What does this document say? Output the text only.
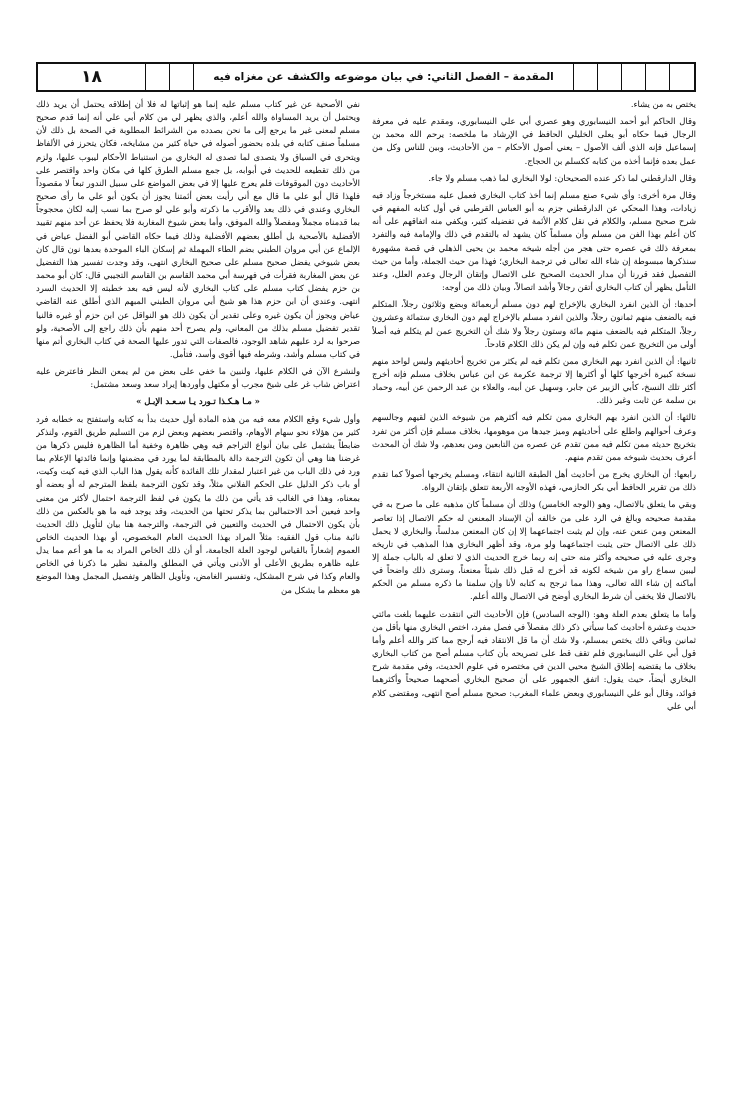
١٨	المقدمة – الفصل الثاني: في بيان موضوعه والكشف عن مغزاه فيه

يختص به من يشاء.

وقال الحاكم أبو أحمد النيسابوري وهو عصري أبي علي النيسابوري، ومقدم عليه في معرفة الرجال فيما حكاه أبو يعلى الخليلي الحافظ في الإرشاد ما ملخصه: يرحم الله محمد بن إسماعيل فإنه الذي ألف الأصول – يعني أصول الأحكام – من الأحاديث، وبين للناس وكل من عمل بعده فإنما أخذه من كتابه ككسلم بن الحجاج.

وقال الدارقطني لما ذكر عنده الصحيحان: لولا البخاري لما ذهب مسلم ولا جاء.

وقال مرة أخرى: وأي شيء صنع مسلم إنما أخذ كتاب البخاري فعمل عليه مستخرجاً وزاد فيه زيادات، وهذا المحكي عن الدارقطني جزم به أبو العباس القرطبي في أول كتابه المفهم في شرح صحيح مسلم، والكلام في نقل كلام الأئمة في تفضيله كثير، ويكفي منه اتفاقهم على أنه كان أعلم بهذا الفن من مسلم وأن مسلماً كان يشهد له بالتقدم في ذلك والإمامة فيه والتفرد بمعرفة ذلك في عصره حتى هجر من أجله شيخه محمد بن يحيى الذهلي في قصة مشهورة سنذكرها مبسوطة إن شاء الله تعالى في ترجمة البخاري؛ فهذا من حيث الجملة، وأما من حيث التفصيل فقد قررنا أن مدار الحديث الصحيح على الاتصال وإتقان الرجال وعدم العلل، وعند التأمل يظهر أن كتاب البخاري أتقن رجالاً وأشد اتصالاً، وبيان ذلك من أوجه:

أحدها: أن الذين انفرد البخاري بالإخراج لهم دون مسلم أربعمائة وبضع وثلاثون رجلاً، المتكلم فيه بالضعف منهم ثمانون رجلاً، والذين انفرد مسلم بالإخراج لهم دون البخاري ستمائة وعشرون رجلاً، المتكلم فيه بالضعف منهم مائة وستون رجلاً ولا شك أن التخريج عمن لم يتكلم فيه أصلاً أولى من التخريج عمن تكلم فيه وإن لم يكن ذلك الكلام قادحاً.

ثانيها: أن الذين انفرد بهم البخاري ممن تكلم فيه لم يكثر من تخريج أحاديثهم وليس لواحد منهم نسخة كبيرة أخرجها كلها أو أكثرها إلا ترجمة عكرمة عن ابن عباس بخلاف مسلم فإنه أخرج أكثر تلك النسخ، كأبي الزبير عن جابر، وسهيل عن أبيه، والعلاء بن عبد الرحمن عن أبيه، وحماد بن سلمة عن ثابت وغير ذلك.

ثالثها: أن الذين انفرد بهم البخاري ممن تكلم فيه أكثرهم من شيوخه الذين لقيهم وجالسهم وعرف أحوالهم واطلع على أحاديثهم وميز جيدها من موهومها، بخلاف مسلم فإن أكثر من تفرد بتخريج حديثه ممن تكلم فيه ممن تقدم عن عصره من التابعين ومن بعدهم، ولا شك أن المحدث أعرف بحديث شيوخه ممن تقدم منهم.

رابعها: أن البخاري يخرج من أحاديث أهل الطبقة الثانية انتقاء، ومسلم يخرجها أصولاً كما تقدم ذلك من تقرير الحافظ أبي بكر الحازمي، فهذه الأوجه الأربعة تتعلق بإتقان الرواة.

وبقي ما يتعلق بالاتصال، وهو (الوجه الخامس) وذلك أن مسلماً كان مذهبه على ما صرح به في مقدمة صحيحه وبالغ في الرد على من خالفه أن الإسناد المعنعن له حكم الاتصال إذا تعاصر المعنعن ومن عنعن عنه، وإن لم يثبت اجتماعهما إلا إن كان المعنعن مدلساً، والبخاري لا يحمل ذلك على الاتصال حتى يثبت اجتماعهما ولو مرة، وقد أظهر البخاري هذا المذهب في تاريخه وجرى عليه في صحيحه وأكثر منه حتى إنه ربما خرج الحديث الذي لا تعلق له بالباب جملة إلا ليبين سماع راو من شيخه لكونه قد أخرج له قبل ذلك شيئاً معنعناً، وسترى ذلك واضحاً في أماكنه إن شاء الله تعالى، وهذا مما ترجح به كتابه لأنا وإن سلمنا ما ذكره مسلم من الحكم بالاتصال فلا يخفى أن شرط البخاري أوضح في الاتصال والله أعلم.

وأما ما يتعلق بعدم العلة وهو: (الوجه السادس) فإن الأحاديث التي انتقدت عليهما بلغت مائتي حديث وعشرة أحاديث كما سيأتي ذكر ذلك مفصلاً في فصل مفرد، اختص البخاري منها بأقل من ثمانين وباقي ذلك يختص بمسلم، ولا شك أن ما قل الانتقاد فيه أرجح مما كثر والله أعلم وأما قول أبي علي النيسابوري فلم تقف قط على تصريحه بأن كتاب مسلم أصح من كتاب البخاري بخلاف ما يقتضيه إطلاق الشيخ محيي الدين في مختصره في علوم الحديث، وفي مقدمة شرح البخاري أيضاً، حيث يقول: اتفق الجمهور على أن صحيح البخاري أصحهما صحيحاً وأكثرهما فوائد، وقال أبو علي النيسابوري وبعض علماء المغرب: صحيح مسلم أصح انتهى، ومقتضى كلام أبي علي

نفي الأصحية عن غير كتاب مسلم عليه إنما هو إثباتها له فلا أن إطلاقه يحتمل أن يريد ذلك ويحتمل أن يريد المساواة والله أعلم، والذي يظهر لي من كلام أبي علي أنه إنما قدم صحيح مسلم لمعنى غير ما يرجع إلى ما نحن بصدده من الشرائط المطلوبة في الصحة بل ذلك لأن مسلماً صنف كتابه في بلده بحضور أصوله في حياة كثير من مشايخه، فكان يتحرز في الألفاظ ويتحرى في السياق ولا يتصدى لما تصدى له البخاري من استنباط الأحكام ليبوب عليها، ولزم من ذلك تقطيعه للحديث في أبوابه، بل جمع مسلم الطرق كلها في مكان واحد واقتصر على الأحاديث دون الموقوفات فلم يعرج عليها إلا في بعض المواضع على سبيل الندور تبعاً لا مقصوداً فلهذا قال أبو علي ما قال مع أني رأيت بعض أئمتنا يجوز أن يكون أبو علي ما رأى صحيح البخاري وعندي في ذلك بعد والأقرب ما ذكرته وأبو علي لو صرح بما نسب إليه لكان محجوجاً بما قدمناه مجملاً ومفصلاً والله الموفق، وأما بعض شيوخ المغاربة فلا يحفظ عن أحد منهم تقييد الأفضلية بالأصحية بل أطلق بعضهم الأفضلية وذلك فيما حكاه القاضي أبو الفضل عياض في الإلماع عن أبي مروان الطبني بضم الطاء المهملة ثم إسكان الباء الموحدة بعدها نون قال كان بعض شيوخي يفضل صحيح مسلم على صحيح البخاري انتهى، وقد وجدت تفسير هذا التفضيل عن بعض المغاربة فقرأت في فهرسة أبي محمد القاسم بن القاسم التجيبي قال: كان أبو محمد بن حزم يفضل كتاب مسلم على كتاب البخاري لأنه ليس فيه بعد خطبته إلا الحديث السرد انتهى. وعندي أن ابن حزم هذا هو شيخ أبي مروان الطبني المبهم الذي أطلق عنه القاضي عياض ويجوز أن يكون غيره وعلى تقدير أن يكون ذلك هو النواقل عن ابن حزم أو غيره فالنيا تقدير تفضيل مسلم بذلك من المعاني، ولم يصرح أحد منهم بأن ذلك راجع إلى الأصحية، ولو صرحوا به لرد عليهم شاهد الوجود، فالصفات التي تدور عليها الصحة في كتاب البخاري أتم منها في كتاب مسلم وأشد، وشرطه فيها أقوى وأسد، فتأمل.

ولنشرع الآن في الكلام عليها، ولنبين ما خفي على بعض من لم يمعن النظر فاعترض عليه اعتراض شاب غر على شيخ مجرب أو مكتهل وأوردها إيراد سعد وسعد مشتمل:

« مـا هـكـذا تـورد يـا سـعـد الإبـل »

وأول شيء وقع الكلام معه فيه من هذه المادة أول حديث بدأ به كتابه واستفتح به خطابه فرد كثير من هؤلاء نحو سهام الأوهام، واقتصر بعضهم وبعض لزم من التسليم طريق القوم، ولنذكر ضابطاً يشتمل على بيان أنواع التراجم فيه وهي ظاهرة وخفية أما الظاهرة فليس ذكرها من غرضنا هنا وهي أن تكون الترجمة دالة بالمطابقة لما يورد في مضمنها وإنما فائدتها الإعلام بما ورد في ذلك الباب من غير اعتبار لمقدار تلك الفائدة كأنه يقول هذا الباب الذي فيه كيت وكيت، أو باب ذكر الدليل على الحكم الفلاني مثلاً، وقد تكون الترجمة بلفظ المترجم له أو بعضه أو بمعناه، وهذا في الغالب قد يأتي من ذلك ما يكون في لفظ الترجمة احتمال لأكثر من معنى واحد فيعين أحد الاحتمالين بما يذكر تحتها من الحديث، وقد يوجد فيه ما هو بالعكس من ذلك بأن يكون الاحتمال في الحديث والتعيين في الترجمة، والترجمة هنا بيان لتأويل ذلك الحديث نائبة مناب قول الفقيه: مثلاً المراد بهذا الحديث العام المخصوص، أو بهذا الحديث الخاص العموم إشعاراً بالقياس لوجود العلة الجامعة، أو أن ذلك الخاص المراد به ما هو أعم مما يدل عليه ظاهره بطريق الأعلى أو الأدنى ويأتي في المطلق والمقيد نظير ما ذكرنا في الخاص والعام وكذا في شرح المشكل، وتفسير الغامض، وتأويل الظاهر وتفصيل المجمل وهذا الموضع هو معظم ما يشكل من
